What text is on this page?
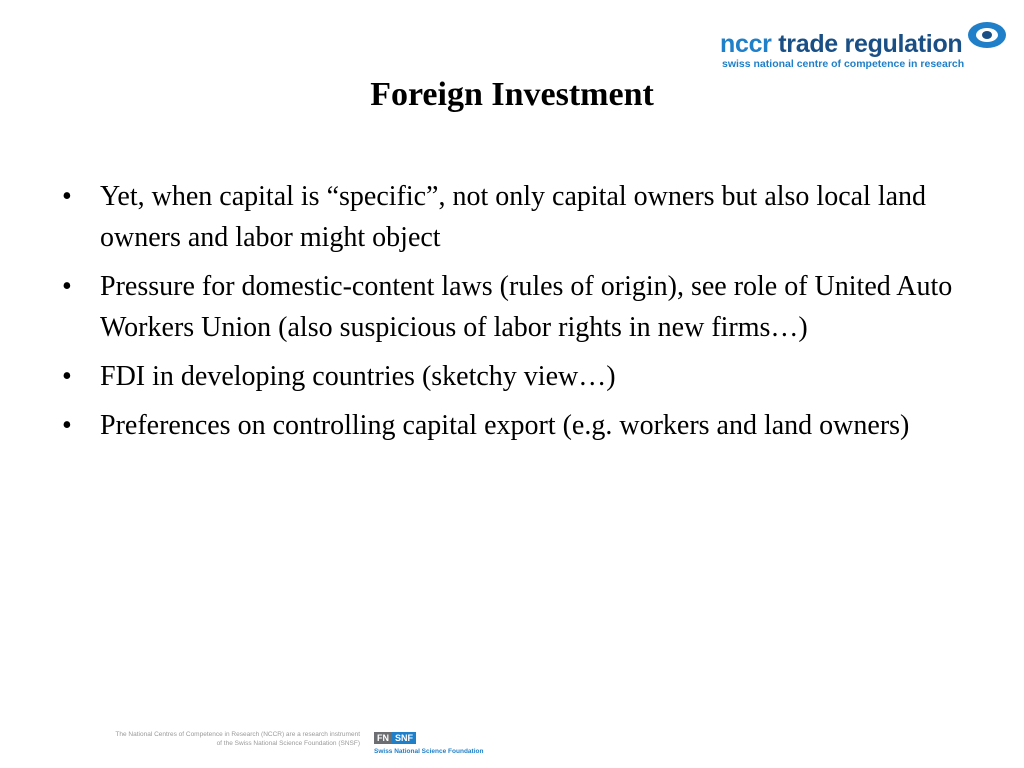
nccr trade regulation
swiss national centre of competence in research
Foreign Investment
• Yet, when capital is “specific”, not only capital owners but also local land owners and labor might object
• Pressure for domestic-content laws (rules of origin), see role of United Auto Workers Union (also suspicious of labor rights in new firms…)
• FDI in developing countries (sketchy view…)
• Preferences on controlling capital export (e.g. workers and land owners)
The National Centres of Competence in Research (NCCR) are a research instrument
of the Swiss National Science Foundation (SNSF)
FN SNF
Swiss National Science Foundation
